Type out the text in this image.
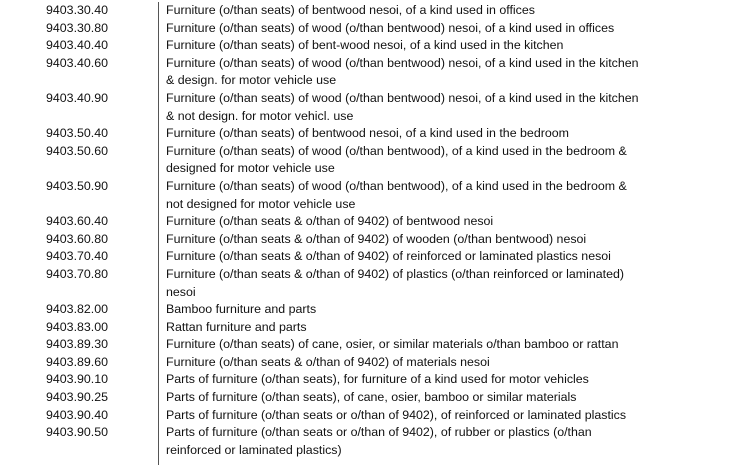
9403.30.40	Furniture (o/than seats) of bentwood nesoi, of a kind used in offices
9403.30.80	Furniture (o/than seats) of wood (o/than bentwood) nesoi, of a kind used in offices
9403.40.40	Furniture (o/than seats) of bent-wood nesoi, of a kind used in the kitchen
9403.40.60	Furniture (o/than seats) of wood (o/than bentwood) nesoi, of a kind used in the kitchen
& design. for motor vehicle use
9403.40.90	Furniture (o/than seats) of wood (o/than bentwood) nesoi, of a kind used in the kitchen
& not design. for motor vehicl. use
9403.50.40	Furniture (o/than seats) of bentwood nesoi, of a kind used in the bedroom
9403.50.60	Furniture (o/than seats) of wood (o/than bentwood), of a kind used in the bedroom &
designed for motor vehicle use
9403.50.90	Furniture (o/than seats) of wood (o/than bentwood), of a kind used in the bedroom &
not designed for motor vehicle use
9403.60.40	Furniture (o/than seats & o/than of 9402) of bentwood nesoi
9403.60.80	Furniture (o/than seats & o/than of 9402) of wooden (o/than bentwood) nesoi
9403.70.40	Furniture (o/than seats & o/than of 9402) of reinforced or laminated plastics nesoi
9403.70.80	Furniture (o/than seats & o/than of 9402) of plastics (o/than reinforced or laminated)
nesoi
9403.82.00	Bamboo furniture and parts
9403.83.00	Rattan furniture and parts
9403.89.30	Furniture (o/than seats) of cane, osier, or similar materials o/than bamboo or rattan
9403.89.60	Furniture (o/than seats & o/than of 9402) of materials nesoi
9403.90.10	Parts of furniture (o/than seats), for furniture of a kind used for motor vehicles
9403.90.25	Parts of furniture (o/than seats), of cane, osier, bamboo or similar materials
9403.90.40	Parts of furniture (o/than seats or o/than of 9402), of reinforced or laminated plastics
9403.90.50	Parts of furniture (o/than seats or o/than of 9402), of rubber or plastics (o/than
reinforced or laminated plastics)
